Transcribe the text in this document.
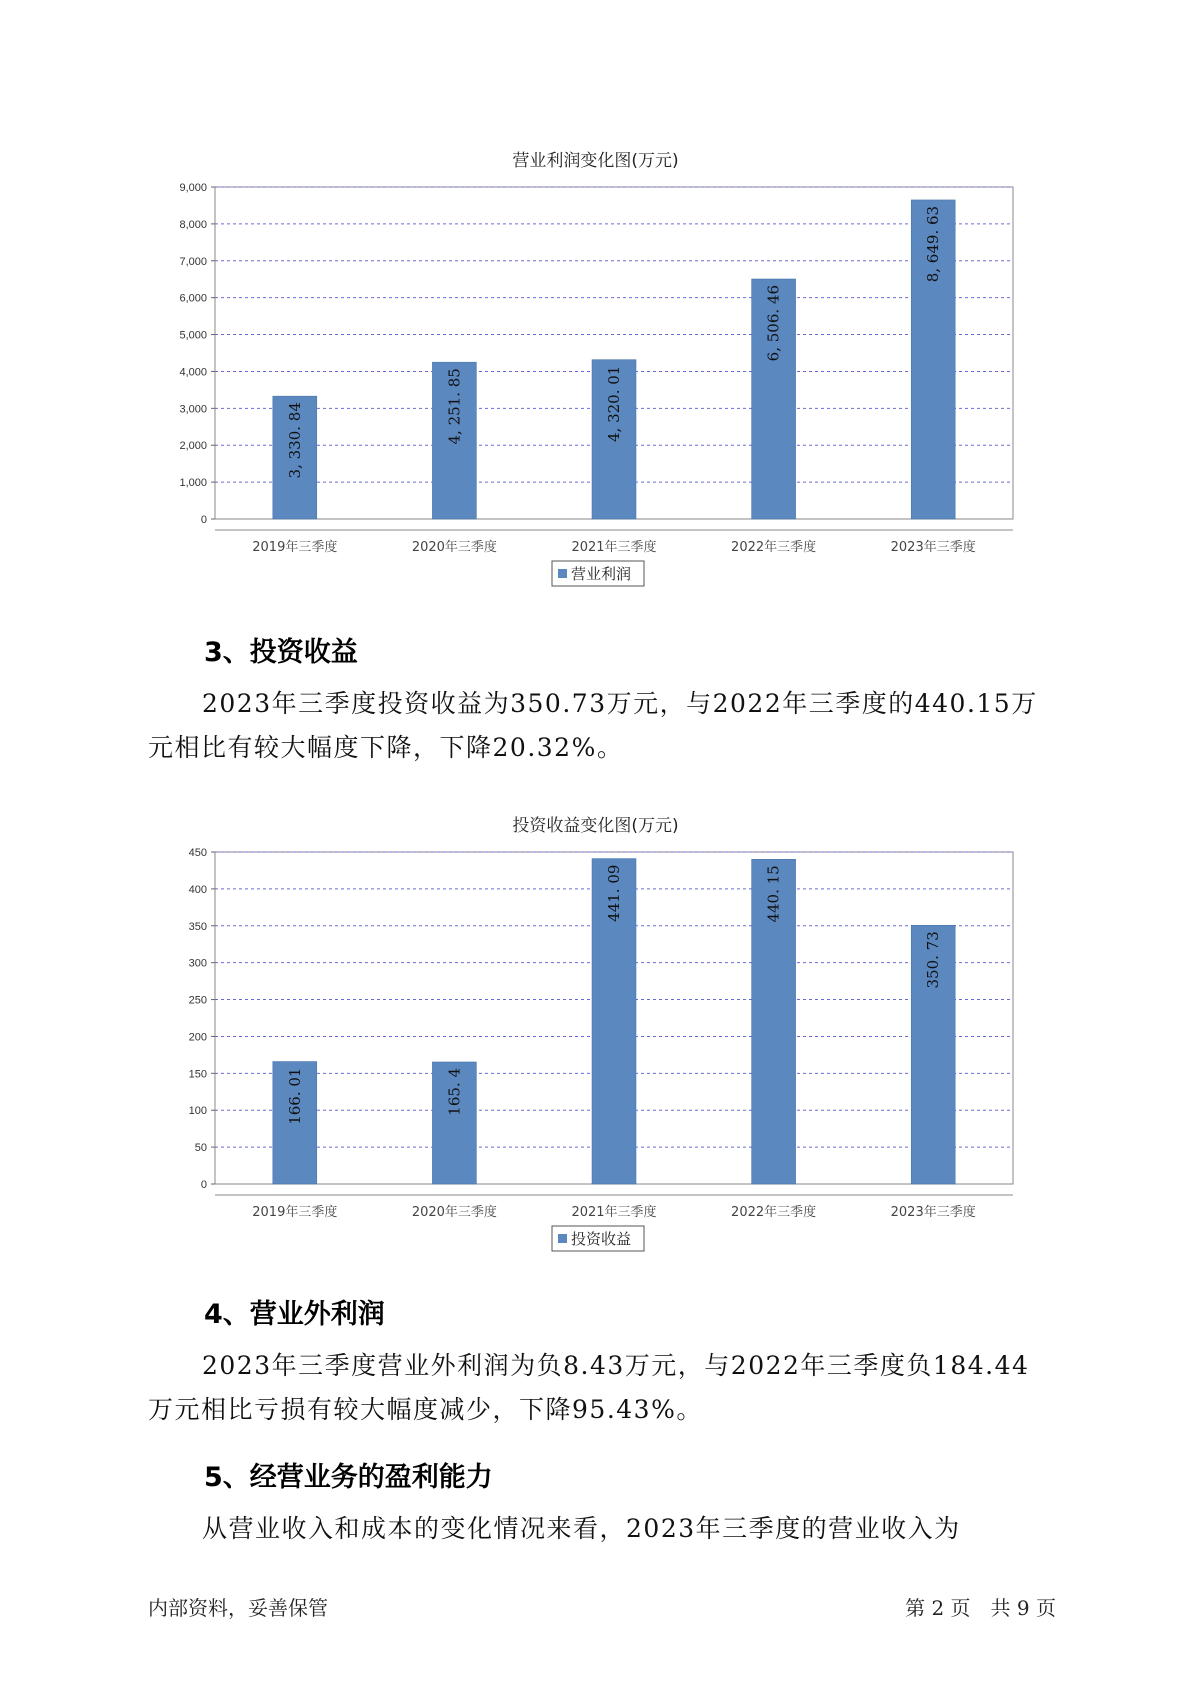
营业利润变化图(万元)
0
1,000
2,000
3,000
4,000
5,000
6,000
7,000
8,000
9,000
3, 330. 84
2019年三季度
4, 251. 85
2020年三季度
4, 320. 01
2021年三季度
6, 506. 46
2022年三季度
8, 649. 63
2023年三季度
营业利润
3、投资收益

2023年三季度投资收益为350.73万元，与2022年三季度的440.15万元相比有较大幅度下降，下降20.32%。

投资收益变化图(万元)
0
50
100
150
200
250
300
350
400
450
166. 01
2019年三季度
165. 4
2020年三季度
441. 09
2021年三季度
440. 15
2022年三季度
350. 73
2023年三季度
投资收益
4、营业外利润

2023年三季度营业外利润为负8.43万元，与2022年三季度负184.44万元相比亏损有较大幅度减少，下降95.43%。

5、经营业务的盈利能力

从营业收入和成本的变化情况来看，2023年三季度的营业收入为

内部资料，妥善保管	第 2 页　共 9 页
